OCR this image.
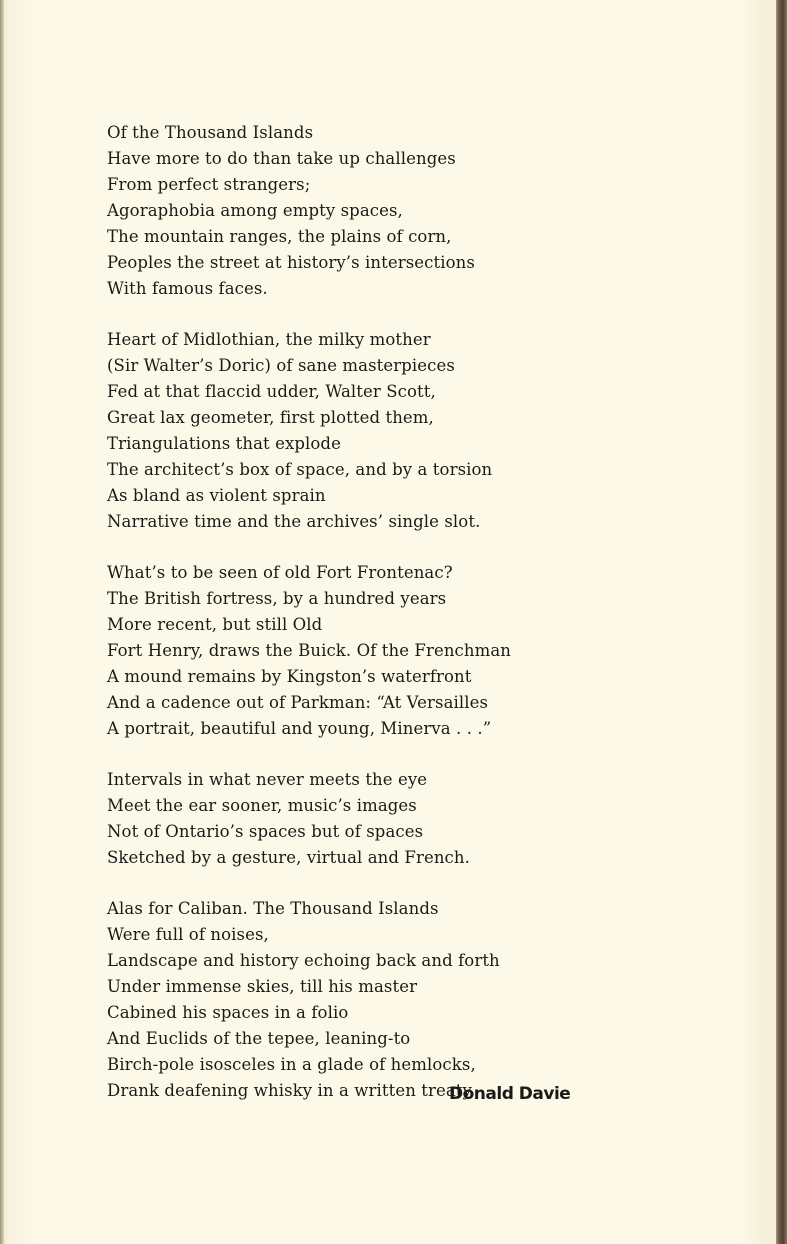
Of the Thousand Islands
Have more to do than take up challenges
From perfect strangers;
Agoraphobia among empty spaces,
The mountain ranges, the plains of corn,
Peoples the street at history’s intersections
With famous faces.
Heart of Midlothian, the milky mother
(Sir Walter’s Doric) of sane masterpieces
Fed at that flaccid udder, Walter Scott,
Great lax geometer, first plotted them,
Triangulations that explode
The architect’s box of space, and by a torsion
As bland as violent sprain
Narrative time and the archives’ single slot.
What’s to be seen of old Fort Frontenac?
The British fortress, by a hundred years
More recent, but still Old
Fort Henry, draws the Buick. Of the Frenchman
A mound remains by Kingston’s waterfront
And a cadence out of Parkman: “At Versailles
A portrait, beautiful and young, Minerva . . .”
Intervals in what never meets the eye
Meet the ear sooner, music’s images
Not of Ontario’s spaces but of spaces
Sketched by a gesture, virtual and French.
Alas for Caliban. The Thousand Islands
Were full of noises,
Landscape and history echoing back and forth
Under immense skies, till his master
Cabined his spaces in a folio
And Euclids of the tepee, leaning-to
Birch-pole isosceles in a glade of hemlocks,
Drank deafening whisky in a written treaty.
Donald Davie
